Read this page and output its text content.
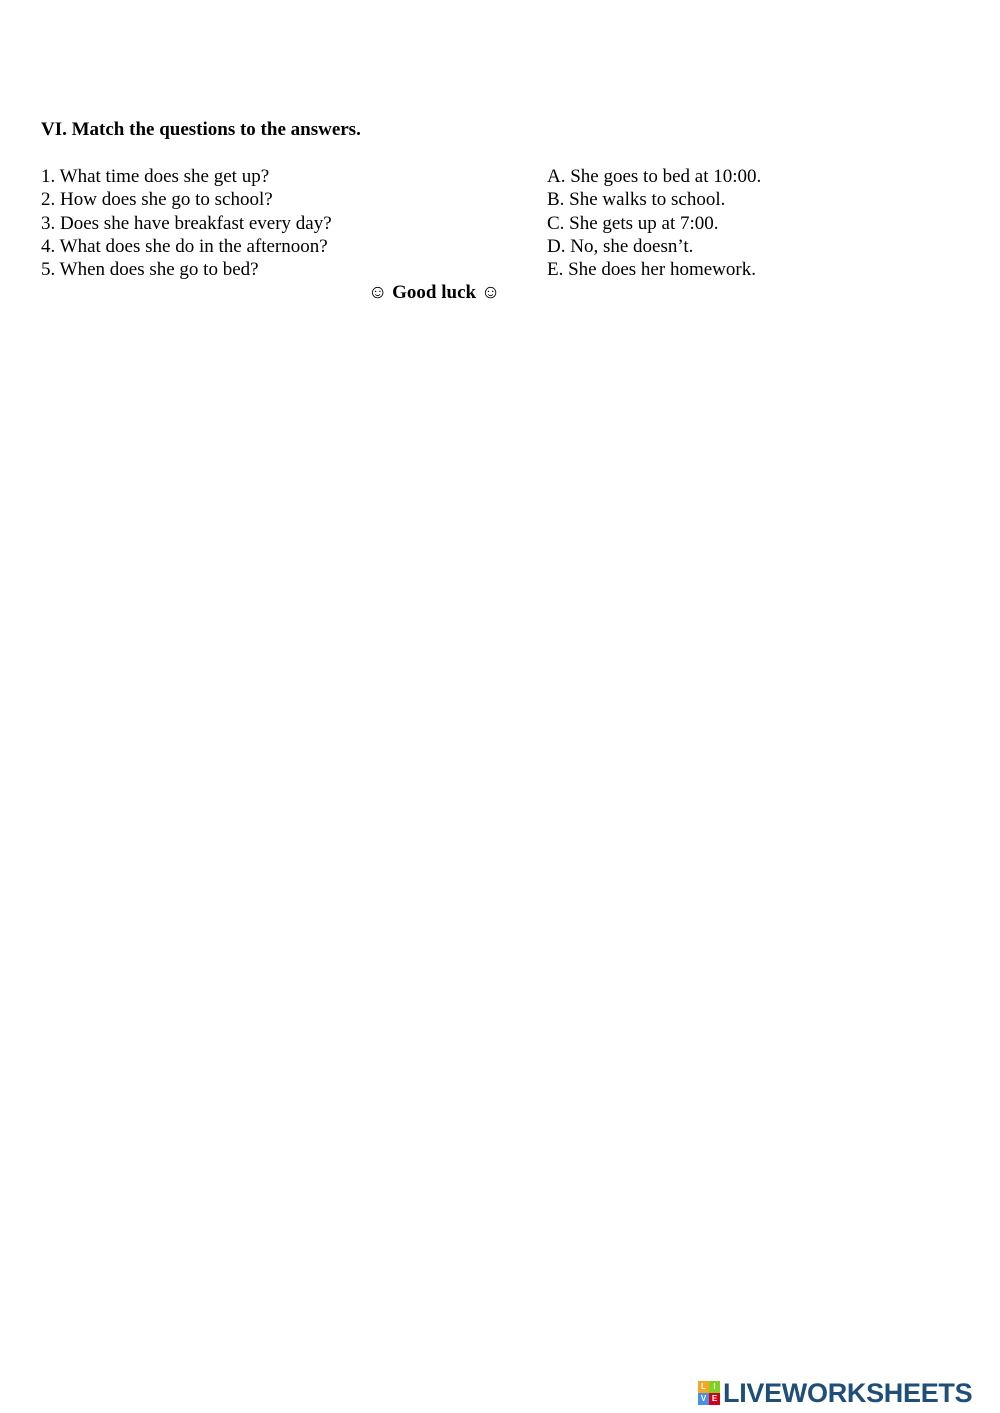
VI. Match the questions to the answers.
1. What time does she get up?
2. How does she go to school?
3. Does she have breakfast every day?
4. What does she do in the afternoon?
5. When does she go to bed?
A. She goes to bed at 10:00.
B. She walks to school.
C. She gets up at 7:00.
D. No, she doesn’t.
E. She does her homework.
☺ Good luck ☺
L I
V E LIVEWORKSHEETS
